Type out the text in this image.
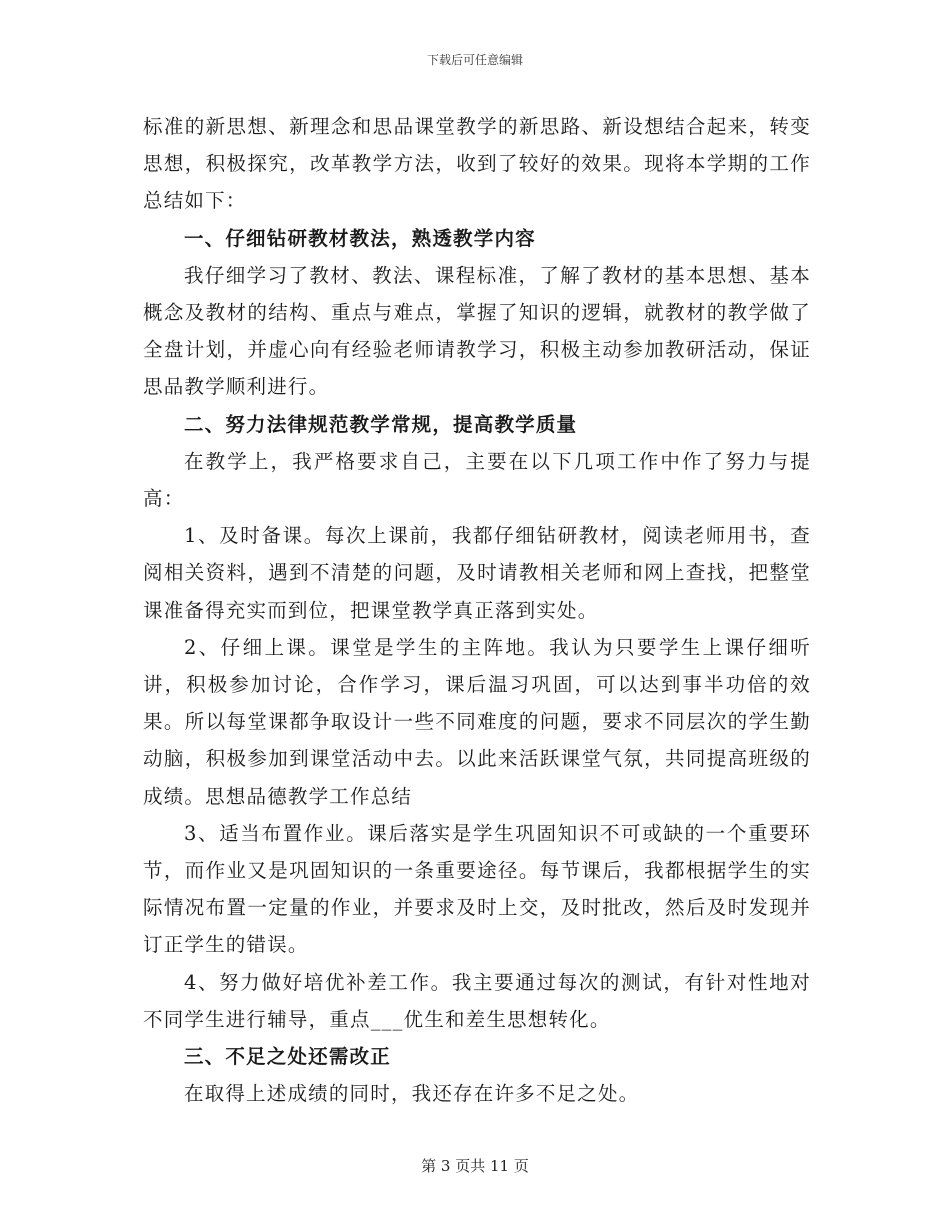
下载后可任意编辑

标准的新思想、新理念和思品课堂教学的新思路、新设想结合起来，转变思想，积极探究，改革教学方法，收到了较好的效果。现将本学期的工作总结如下：

一、仔细钻研教材教法，熟透教学内容

我仔细学习了教材、教法、课程标准，了解了教材的基本思想、基本概念及教材的结构、重点与难点，掌握了知识的逻辑，就教材的教学做了全盘计划，并虚心向有经验老师请教学习，积极主动参加教研活动，保证思品教学顺利进行。

二、努力法律规范教学常规，提高教学质量

在教学上，我严格要求自己，主要在以下几项工作中作了努力与提高：

1、及时备课。每次上课前，我都仔细钻研教材，阅读老师用书，查阅相关资料，遇到不清楚的问题，及时请教相关老师和网上查找，把整堂课准备得充实而到位，把课堂教学真正落到实处。

2、仔细上课。课堂是学生的主阵地。我认为只要学生上课仔细听讲，积极参加讨论，合作学习，课后温习巩固，可以达到事半功倍的效果。所以每堂课都争取设计一些不同难度的问题，要求不同层次的学生勤动脑，积极参加到课堂活动中去。以此来活跃课堂气氛，共同提高班级的成绩。思想品德教学工作总结

3、适当布置作业。课后落实是学生巩固知识不可或缺的一个重要环节，而作业又是巩固知识的一条重要途径。每节课后，我都根据学生的实际情况布置一定量的作业，并要求及时上交，及时批改，然后及时发现并订正学生的错误。

4、努力做好培优补差工作。我主要通过每次的测试，有针对性地对不同学生进行辅导，重点___优生和差生思想转化。

三、不足之处还需改正

在取得上述成绩的同时，我还存在许多不足之处。

第 3 页共 11 页
